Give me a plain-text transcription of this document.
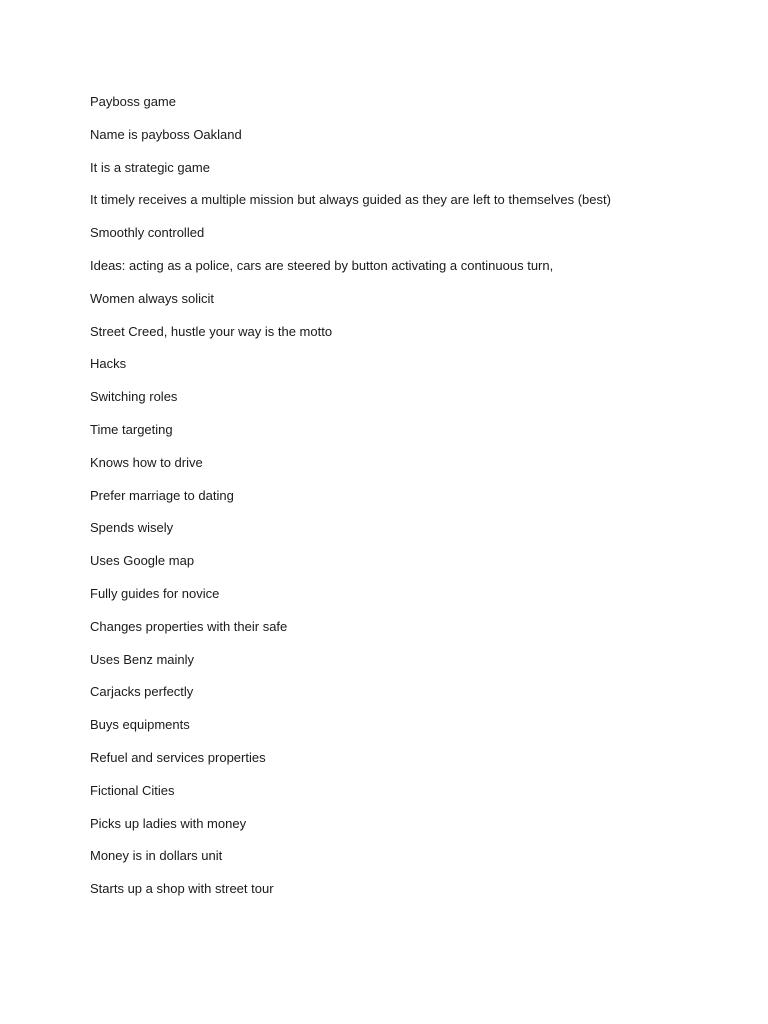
Payboss game
Name is payboss Oakland
It is a strategic game
It timely receives a multiple mission but always guided as they are left to themselves (best)
Smoothly controlled
Ideas: acting as a police, cars are steered by button activating a continuous turn,
Women always solicit
Street Creed, hustle your way is the motto
Hacks
Switching roles
Time targeting
Knows how to drive
Prefer marriage to dating
Spends wisely
Uses Google map
Fully guides for novice
Changes properties with their safe
Uses Benz mainly
Carjacks perfectly
Buys equipments
Refuel and services properties
Fictional Cities
Picks up ladies with money
Money is in dollars unit
Starts up a shop with street tour
